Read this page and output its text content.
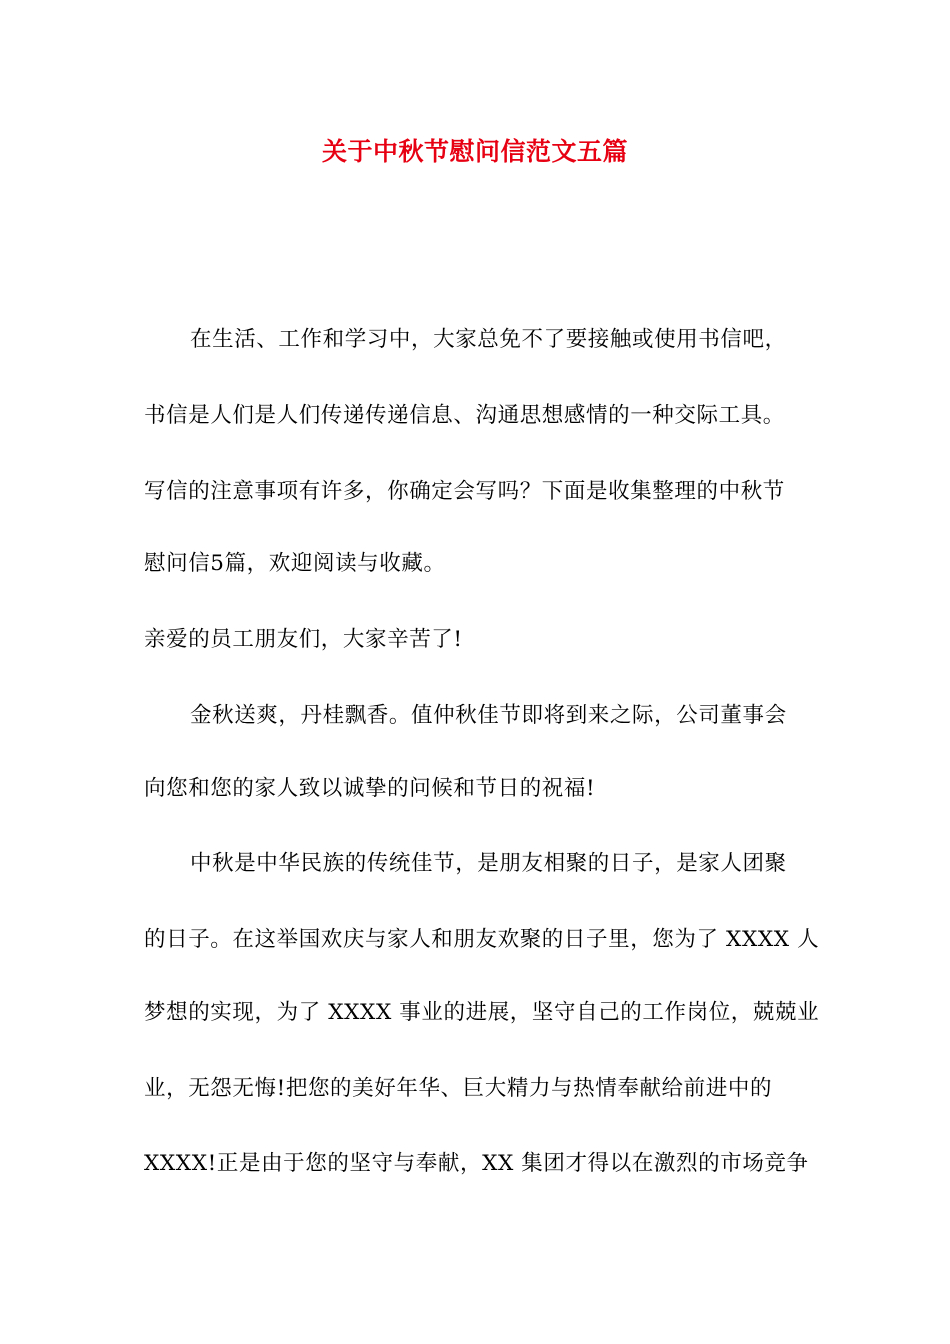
关于中秋节慰问信范文五篇
在生活、工作和学习中，大家总免不了要接触或使用书信吧，
书信是人们是人们传递传递信息、沟通思想感情的一种交际工具。
写信的注意事项有许多，你确定会写吗？下面是收集整理的中秋节
慰问信5篇，欢迎阅读与收藏。
亲爱的员工朋友们，大家辛苦了!
金秋送爽，丹桂飘香。值仲秋佳节即将到来之际，公司董事会
向您和您的家人致以诚挚的问候和节日的祝福!
中秋是中华民族的传统佳节，是朋友相聚的日子，是家人团聚
的日子。在这举国欢庆与家人和朋友欢聚的日子里，您为了 XXXX 人
梦想的实现，为了 XXXX 事业的进展，坚守自己的工作岗位，兢兢业
业，无怨无悔!把您的美好年华、巨大精力与热情奉献给前进中的
XXXX!正是由于您的坚守与奉献，XX 集团才得以在激烈的市场竞争
